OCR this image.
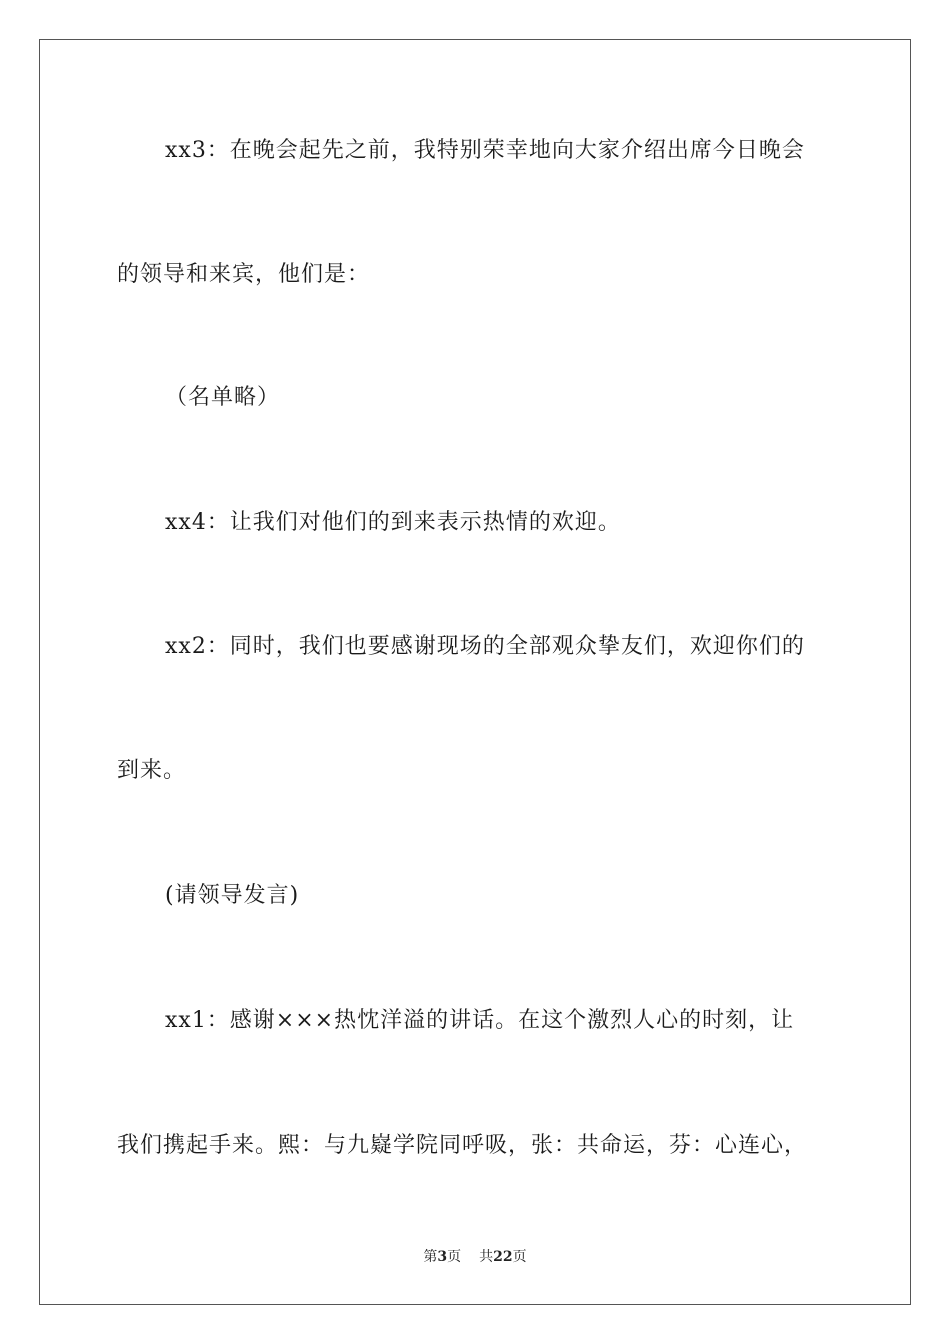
xx3：在晚会起先之前，我特别荣幸地向大家介绍出席今日晚会
的领导和来宾，他们是：
（名单略）
xx4：让我们对他们的到来表示热情的欢迎。
xx2：同时，我们也要感谢现场的全部观众挚友们，欢迎你们的
到来。
(请领导发言)
xx1：感谢×××热忱洋溢的讲话。在这个激烈人心的时刻，让
我们携起手来。熙：与九嶷学院同呼吸，张：共命运，芬：心连心，
第3页 共22页
